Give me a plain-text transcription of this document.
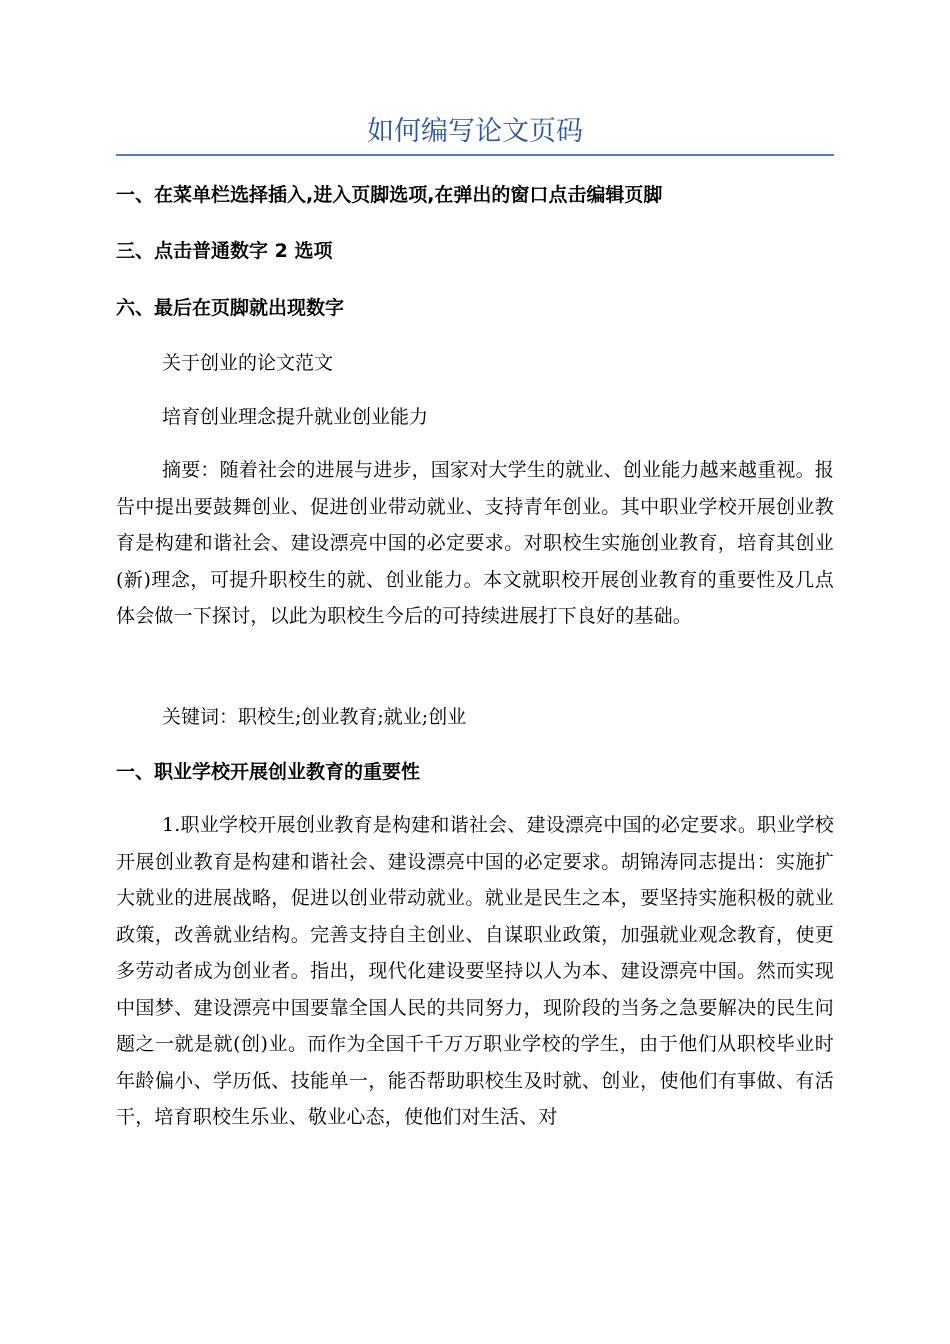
如何编写论文页码
一、在菜单栏选择插入,进入页脚选项,在弹出的窗口点击编辑页脚
三、点击普通数字 2 选项
六、最后在页脚就出现数字
关于创业的论文范文
培育创业理念提升就业创业能力
摘要：随着社会的进展与进步，国家对大学生的就业、创业能力越来越重视。报告中提出要鼓舞创业、促进创业带动就业、支持青年创业。其中职业学校开展创业教育是构建和谐社会、建设漂亮中国的必定要求。对职校生实施创业教育，培育其创业(新)理念，可提升职校生的就、创业能力。本文就职校开展创业教育的重要性及几点体会做一下探讨，以此为职校生今后的可持续进展打下良好的基础。
关键词：职校生;创业教育;就业;创业
一、职业学校开展创业教育的重要性
1.职业学校开展创业教育是构建和谐社会、建设漂亮中国的必定要求。职业学校开展创业教育是构建和谐社会、建设漂亮中国的必定要求。胡锦涛同志提出：实施扩大就业的进展战略，促进以创业带动就业。就业是民生之本，要坚持实施积极的就业政策，改善就业结构。完善支持自主创业、自谋职业政策，加强就业观念教育，使更多劳动者成为创业者。指出，现代化建设要坚持以人为本、建设漂亮中国。然而实现中国梦、建设漂亮中国要靠全国人民的共同努力，现阶段的当务之急要解决的民生问题之一就是就(创)业。而作为全国千千万万职业学校的学生，由于他们从职校毕业时年龄偏小、学历低、技能单一，能否帮助职校生及时就、创业，使他们有事做、有活干，培育职校生乐业、敬业心态，使他们对生活、对
